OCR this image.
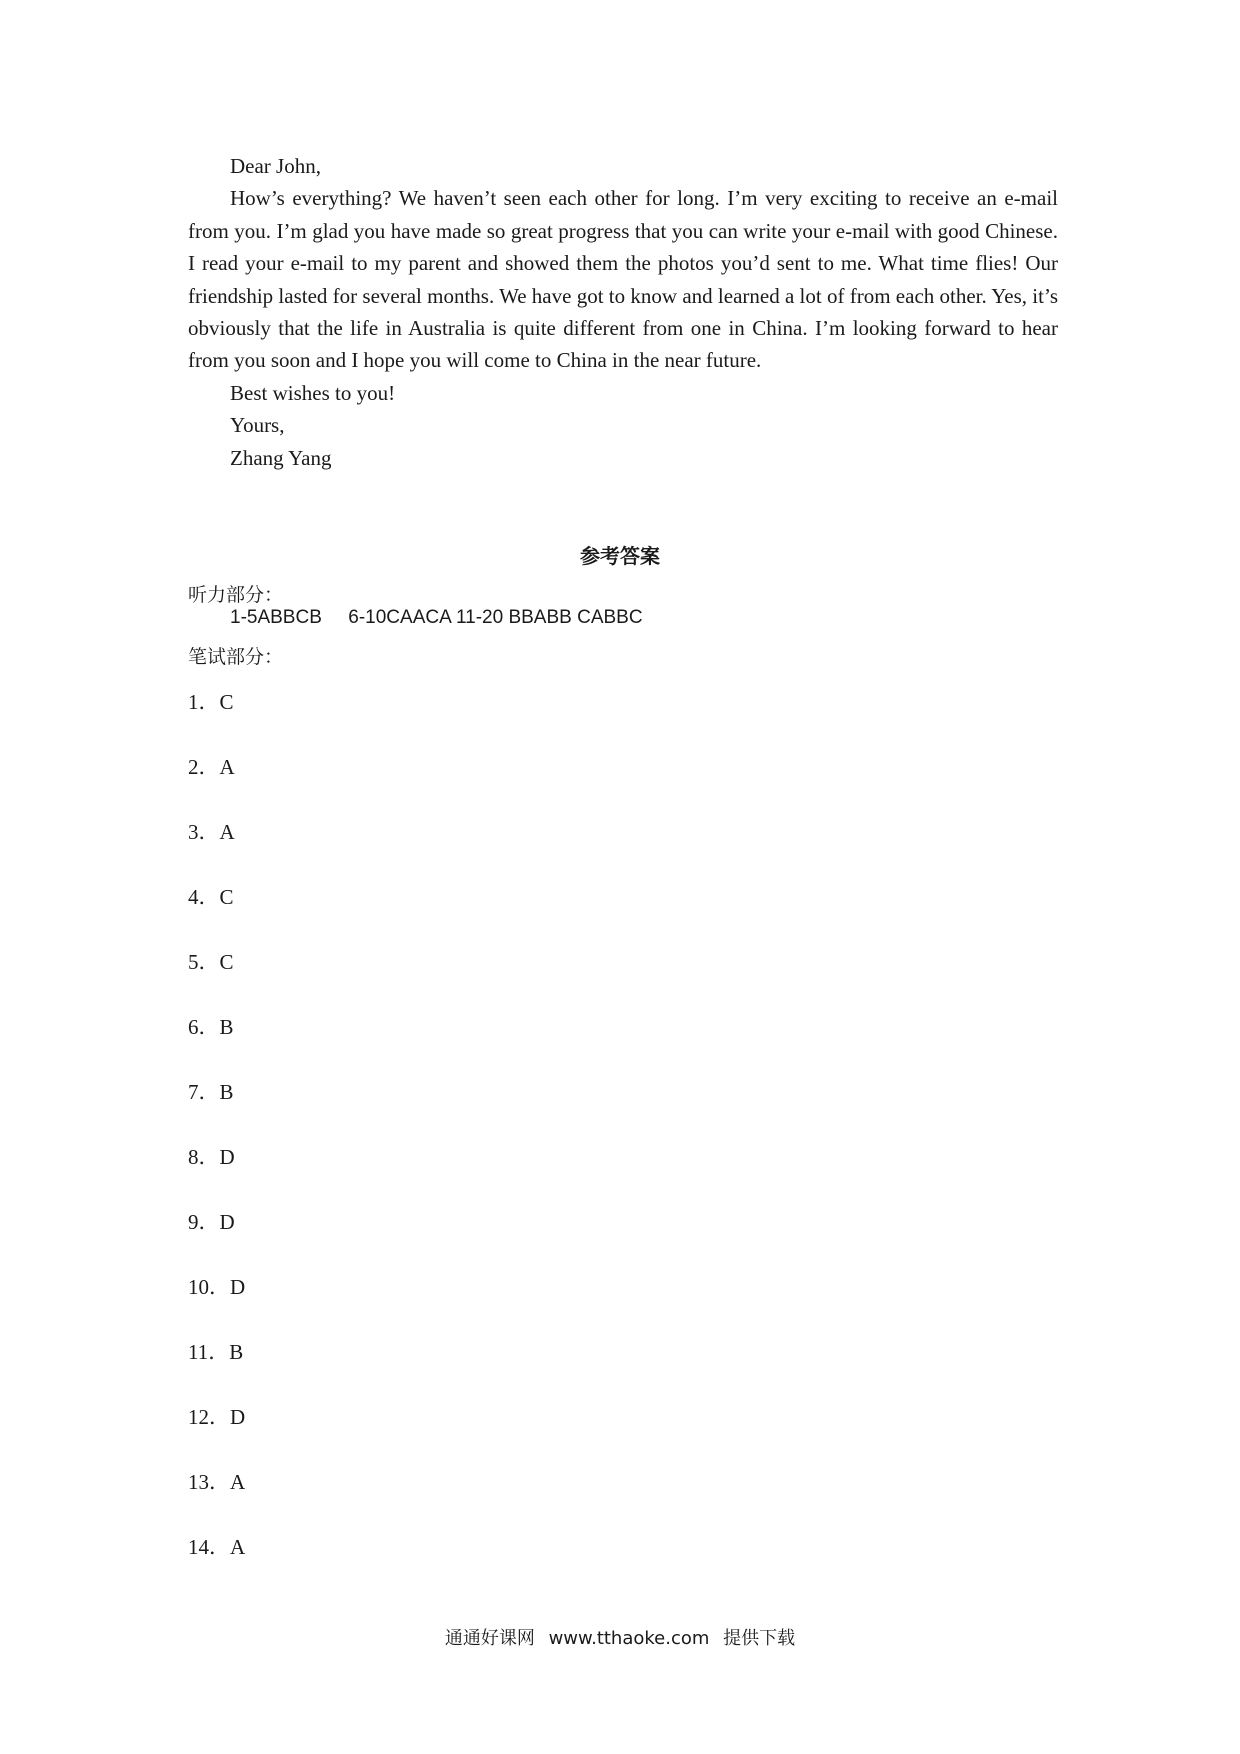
Dear John,

How’s everything? We haven’t seen each other for long. I’m very exciting to receive an e-mail from you. I’m glad you have made so great progress that you can write your e-mail with good Chinese. I read your e-mail to my parent and showed them the photos you’d sent to me. What time flies! Our friendship lasted for several months. We have got to know and learned a lot of from each other. Yes, it’s obviously that the life in Australia is quite different from one in China. I’m looking forward to hear from you soon and I hope you will come to China in the near future.

Best wishes to you!
Yours,
Zhang Yang
参考答案
听力部分：
1-5ABBCB     6-10CAACA 11-20 BBABB CABBC
笔试部分：
1．C
2．A
3．A
4．C
5．C
6．B
7．B
8．D
9．D
10．D
11．B
12．D
13．A
14．A
通通好课网 www.tthaoke.com 提供下载
